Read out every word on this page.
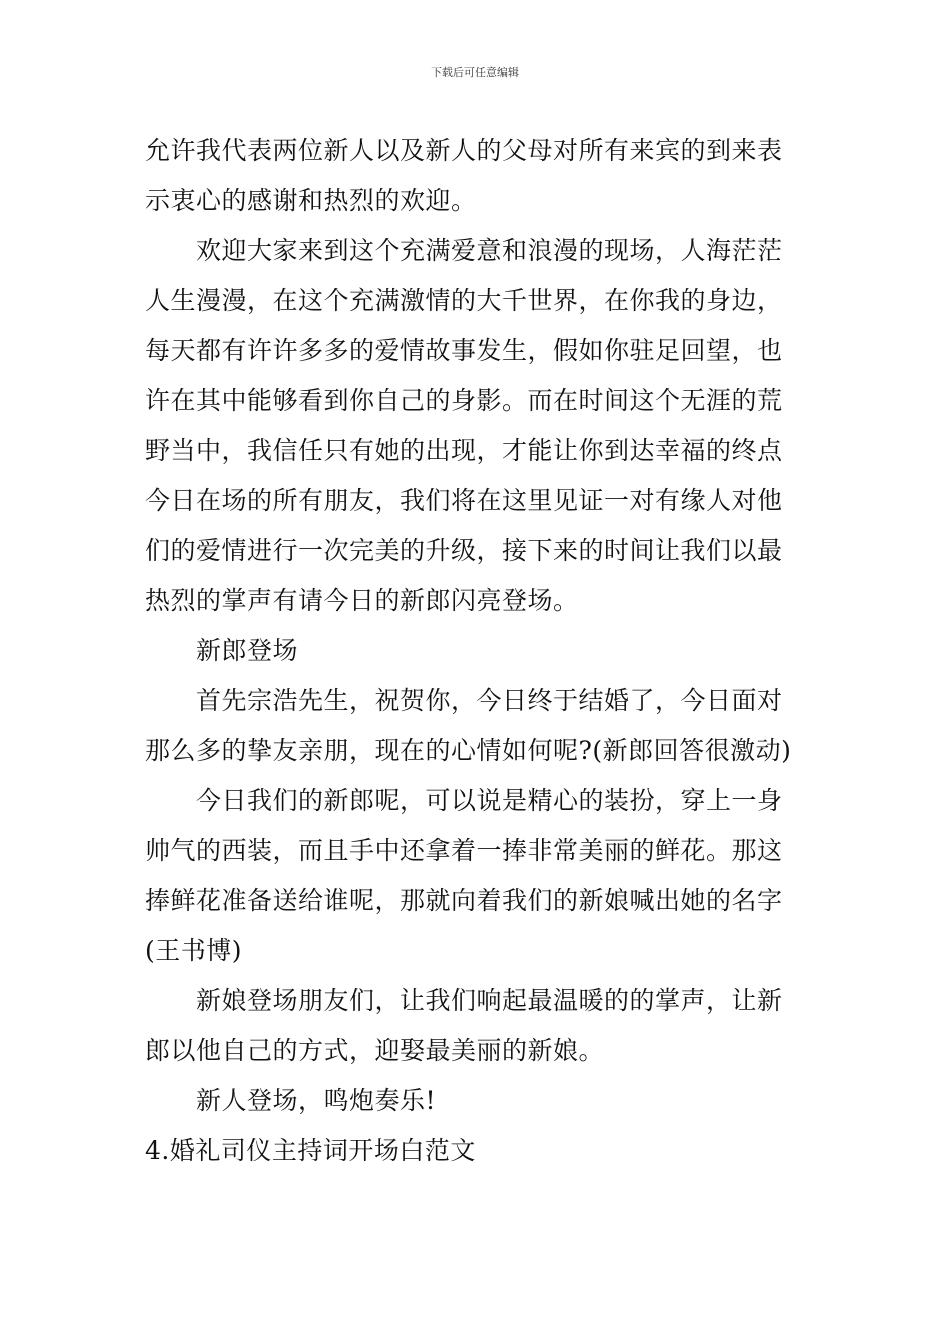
下载后可任意编辑
允许我代表两位新人以及新人的父母对所有来宾的到来表
示衷心的感谢和热烈的欢迎。
欢迎大家来到这个充满爱意和浪漫的现场，人海茫茫
人生漫漫，在这个充满激情的大千世界，在你我的身边，
每天都有许许多多的爱情故事发生，假如你驻足回望，也
许在其中能够看到你自己的身影。而在时间这个无涯的荒
野当中，我信任只有她的出现，才能让你到达幸福的终点
今日在场的所有朋友，我们将在这里见证一对有缘人对他
们的爱情进行一次完美的升级，接下来的时间让我们以最
热烈的掌声有请今日的新郎闪亮登场。
新郎登场
首先宗浩先生，祝贺你，今日终于结婚了，今日面对
那么多的挚友亲朋，现在的心情如何呢?(新郎回答很激动)
今日我们的新郎呢，可以说是精心的装扮，穿上一身
帅气的西装，而且手中还拿着一捧非常美丽的鲜花。那这
捧鲜花准备送给谁呢，那就向着我们的新娘喊出她的名字
(王书博)
新娘登场朋友们，让我们响起最温暖的的掌声，让新
郎以他自己的方式，迎娶最美丽的新娘。
新人登场，鸣炮奏乐!
4.婚礼司仪主持词开场白范文
